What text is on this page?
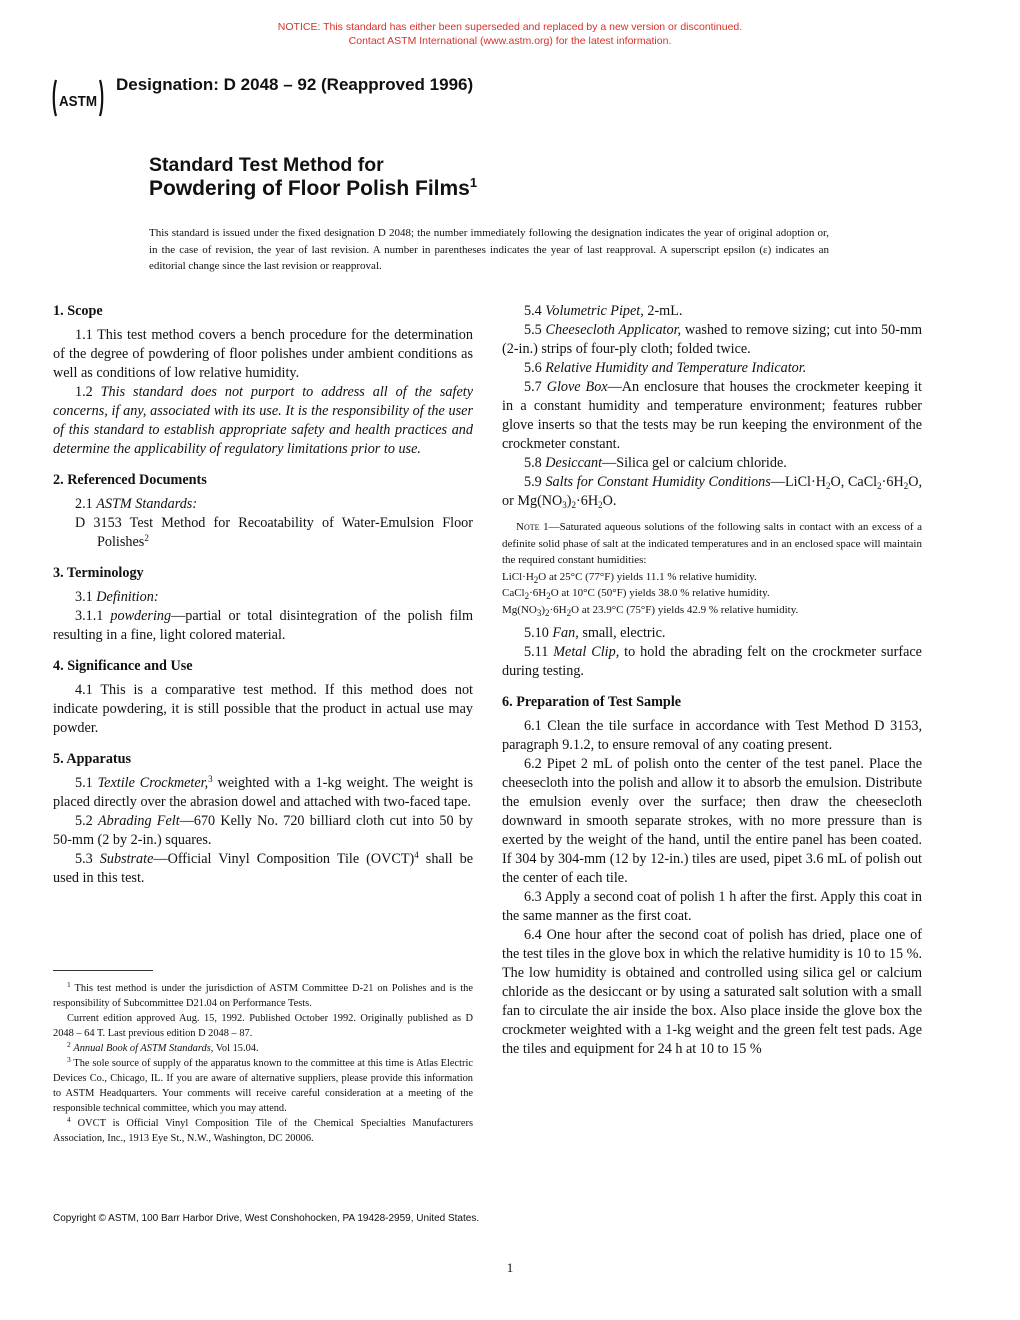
NOTICE: This standard has either been superseded and replaced by a new version or discontinued.
Contact ASTM International (www.astm.org) for the latest information.
ASTM
Designation: D 2048 – 92 (Reapproved 1996)
Standard Test Method for
Powdering of Floor Polish Films$^1$
This standard is issued under the fixed designation D 2048; the number immediately following the designation indicates the year of original adoption or, in the case of revision, the year of last revision. A number in parentheses indicates the year of last reapproval. A superscript epsilon (ε) indicates an editorial change since the last revision or reapproval.
1. Scope

1.1 This test method covers a bench procedure for the determination of the degree of powdering of floor polishes under ambient conditions as well as conditions of low relative humidity.

1.2 This standard does not purport to address all of the safety concerns, if any, associated with its use. It is the responsibility of the user of this standard to establish appropriate safety and health practices and determine the applicability of regulatory limitations prior to use.

2. Referenced Documents

2.1 ASTM Standards:

D 3153 Test Method for Recoatability of Water-Emulsion Floor Polishes$^2$

3. Terminology

3.1 Definition:

3.1.1 powdering—partial or total disintegration of the polish film resulting in a fine, light colored material.

4. Significance and Use

4.1 This is a comparative test method. If this method does not indicate powdering, it is still possible that the product in actual use may powder.

5. Apparatus

5.1 Textile Crockmeter,$^3$ weighted with a 1-kg weight. The weight is placed directly over the abrasion dowel and attached with two-faced tape.

5.2 Abrading Felt—670 Kelly No. 720 billiard cloth cut into 50 by 50-mm (2 by 2-in.) squares.

5.3 Substrate—Official Vinyl Composition Tile (OVCT)$^4$ shall be used in this test.

$^1$ This test method is under the jurisdiction of ASTM Committee D-21 on Polishes and is the responsibility of Subcommittee D21.04 on Performance Tests.

Current edition approved Aug. 15, 1992. Published October 1992. Originally published as D 2048 – 64 T. Last previous edition D 2048 – 87.

$^2$ Annual Book of ASTM Standards, Vol 15.04.

$^3$ The sole source of supply of the apparatus known to the committee at this time is Atlas Electric Devices Co., Chicago, IL. If you are aware of alternative suppliers, please provide this information to ASTM Headquarters. Your comments will receive careful consideration at a meeting of the responsible technical committee, which you may attend.

$^4$ OVCT is Official Vinyl Composition Tile of the Chemical Specialties Manufacturers Association, Inc., 1913 Eye St., N.W., Washington, DC 20006.

5.4 Volumetric Pipet, 2-mL.

5.5 Cheesecloth Applicator, washed to remove sizing; cut into 50-mm (2-in.) strips of four-ply cloth; folded twice.

5.6 Relative Humidity and Temperature Indicator.

5.7 Glove Box—An enclosure that houses the crockmeter keeping it in a constant humidity and temperature environment; features rubber glove inserts so that the tests may be run keeping the environment of the crockmeter constant.

5.8 Desiccant—Silica gel or calcium chloride.

5.9 Salts for Constant Humidity $Conditions—LiCl\cdot H_2O$, $CaCl_2\cdot 6H_2O$, or $Mg(NO_3)_2\cdot 6H_2O$.

Note 1—Saturated aqueous solutions of the following salts in contact with an excess of a definite solid phase of salt at the indicated temperatures and in an enclosed space will maintain the required constant humidities:

$LiCl\cdot H_2O$ at 25°C (77°F) yields 11.1 % relative humidity.

$CaCl_2\cdot 6H_2O$ at 10°C (50°F) yields 38.0 % relative humidity.

$Mg(NO_3)_2\cdot 6H_2O$ at 23.9°C (75°F) yields 42.9 % relative humidity.

5.10 Fan, small, electric.

5.11 Metal Clip, to hold the abrading felt on the crockmeter surface during testing.

6. Preparation of Test Sample

6.1 Clean the tile surface in accordance with Test Method D 3153, paragraph 9.1.2, to ensure removal of any coating present.

6.2 Pipet 2 mL of polish onto the center of the test panel. Place the cheesecloth into the polish and allow it to absorb the emulsion. Distribute the emulsion evenly over the surface; then draw the cheesecloth downward in smooth separate strokes, with no more pressure than is exerted by the weight of the hand, until the entire panel has been coated. If 304 by 304-mm (12 by 12-in.) tiles are used, pipet 3.6 mL of polish out the center of each tile.

6.3 Apply a second coat of polish 1 h after the first. Apply this coat in the same manner as the first coat.

6.4 One hour after the second coat of polish has dried, place one of the test tiles in the glove box in which the relative humidity is 10 to 15 %. The low humidity is obtained and controlled using silica gel or calcium chloride as the desiccant or by using a saturated salt solution with a small fan to circulate the air inside the box. Also place inside the glove box the crockmeter weighted with a 1-kg weight and the green felt test pads. Age the tiles and equipment for 24 h at 10 to 15 %

Copyright © ASTM, 100 Barr Harbor Drive, West Conshohocken, PA 19428-2959, United States.
1
